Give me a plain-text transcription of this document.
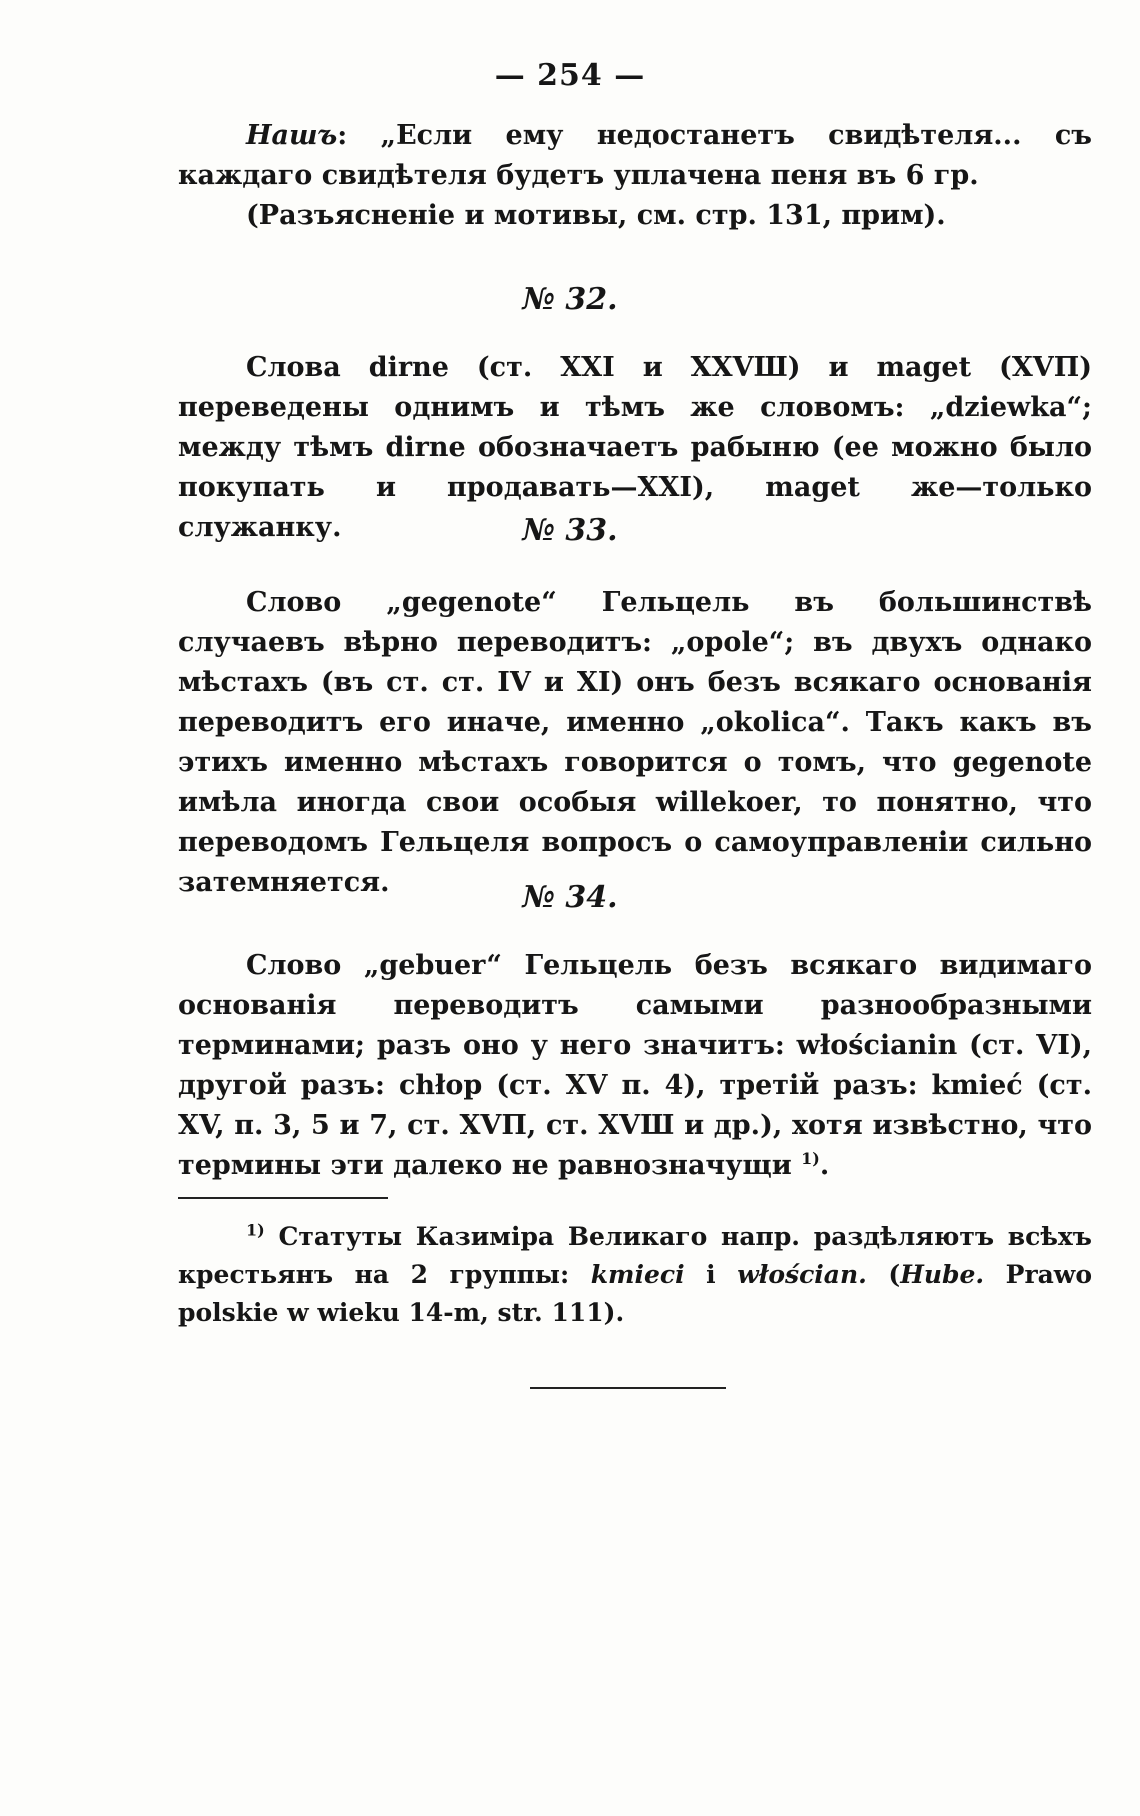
— 254 —

Нашъ: „Если ему недостанетъ свидѣтеля... съ каждаго свидѣтеля будетъ уплачена пеня въ 6 гр.

(Разъясненіе и мотивы, см. стр. 131, прим).

№ 32.

Слова dirne (ст. XXI и XXVШ) и maget (XVП) переведены однимъ и тѣмъ же словомъ: „dziewka“; между тѣмъ dirne обозначаетъ рабыню (ее можно было покупать и продавать—XXI), maget же—только служанку.	№ 33.

Слово „gegenote“ Гельцель въ большинствѣ случаевъ вѣрно переводитъ: „opole“; въ двухъ однако мѣстахъ (въ ст. ст. IV и XI) онъ безъ всякаго основанія переводитъ его иначе, именно „okolica“. Такъ какъ въ этихъ именно мѣстахъ говорится о томъ, что gegenote имѣла иногда свои особыя willekoer, то понятно, что переводомъ Гельцеля вопросъ о самоуправленіи сильно затемняется.	№ 34.

Слово „gebuer“ Гельцель безъ всякаго видимаго основанія переводитъ самыми разнообразными терминами; разъ оно у него значитъ: włościanin (ст. VI), другой разъ: chłop (ст. XV п. 4), третій разъ: kmieć (ст. XV, п. 3, 5 и 7, ст. XVП, ст. XVШ и др.), хотя извѣстно, что термины эти далеко не равнозначущи $^{1)}$.

$^{1)}$ Статуты Казиміра Великаго напр. раздѣляютъ всѣхъ крестьянъ на 2 группы: kmieci i włościan. (Hube. Prawo polskie w wieku 14-m, str. 111).
